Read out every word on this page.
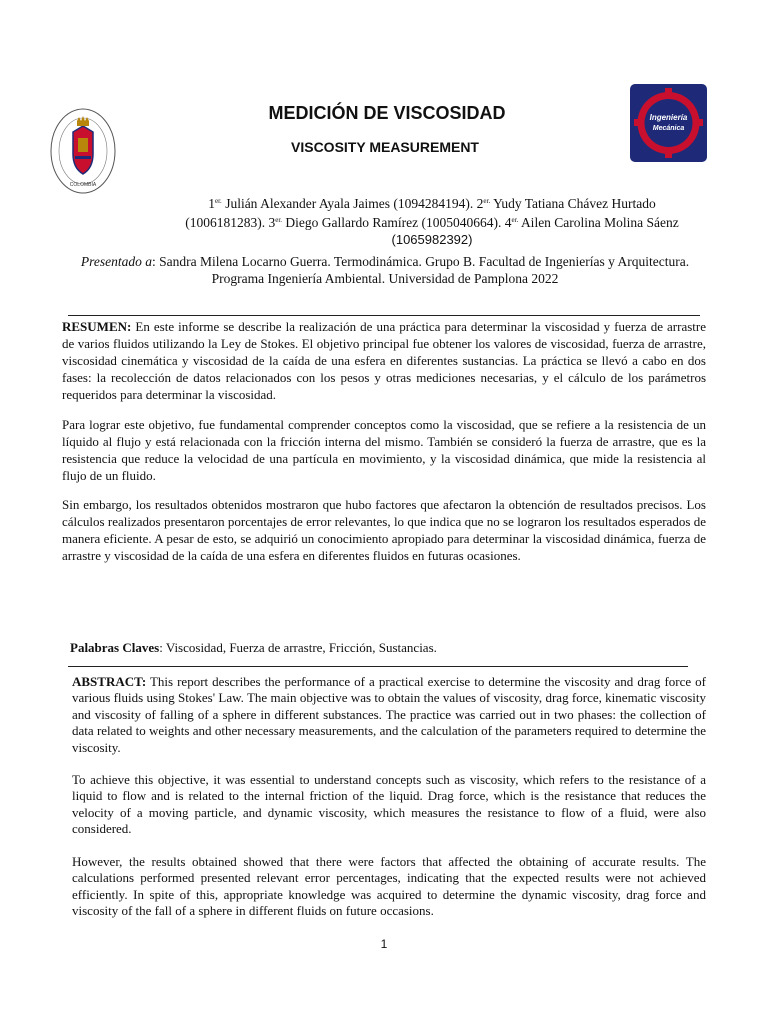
COLOMBIA
Ingeniería
Mecánica
MEDICIÓN DE VISCOSIDAD
VISCOSITY MEASUREMENT
$1^{er.}$ Julián Alexander Ayala Jaimes (1094284194). $2^{er.}$ Yudy Tatiana Chávez Hurtado
(1006181283). $3^{er.}$ Diego Gallardo Ramírez (1005040664). $4^{er.}$ Ailen Carolina Molina Sáenz
(1065982392)
Presentado a: Sandra Milena Locarno Guerra. Termodinámica. Grupo B. Facultad de Ingenierías y Arquitectura.
Programa Ingeniería Ambiental. Universidad de Pamplona 2022

RESUMEN: En este informe se describe la realización de una práctica para determinar la viscosidad y fuerza de arrastre de varios fluidos utilizando la Ley de Stokes. El objetivo principal fue obtener los valores de viscosidad, fuerza de arrastre, viscosidad cinemática y viscosidad de la caída de una esfera en diferentes sustancias. La práctica se llevó a cabo en dos fases: la recolección de datos relacionados con los pesos y otras mediciones necesarias, y el cálculo de los parámetros requeridos para determinar la viscosidad.

Para lograr este objetivo, fue fundamental comprender conceptos como la viscosidad, que se refiere a la resistencia de un líquido al flujo y está relacionada con la fricción interna del mismo. También se consideró la fuerza de arrastre, que es la resistencia que reduce la velocidad de una partícula en movimiento, y la viscosidad dinámica, que mide la resistencia al flujo de un fluido.

Sin embargo, los resultados obtenidos mostraron que hubo factores que afectaron la obtención de resultados precisos. Los cálculos realizados presentaron porcentajes de error relevantes, lo que indica que no se lograron los resultados esperados de manera eficiente. A pesar de esto, se adquirió un conocimiento apropiado para determinar la viscosidad dinámica, fuerza de arrastre y viscosidad de la caída de una esfera en diferentes fluidos en futuras ocasiones.

Palabras Claves: Viscosidad, Fuerza de arrastre, Fricción, Sustancias.

ABSTRACT: This report describes the performance of a practical exercise to determine the viscosity and drag force of various fluids using Stokes' Law. The main objective was to obtain the values of viscosity, drag force, kinematic viscosity and viscosity of falling of a sphere in different substances. The practice was carried out in two phases: the collection of data related to weights and other necessary measurements, and the calculation of the parameters required to determine the viscosity.

To achieve this objective, it was essential to understand concepts such as viscosity, which refers to the resistance of a liquid to flow and is related to the internal friction of the liquid. Drag force, which is the resistance that reduces the velocity of a moving particle, and dynamic viscosity, which measures the resistance to flow of a fluid, were also considered.

However, the results obtained showed that there were factors that affected the obtaining of accurate results. The calculations performed presented relevant error percentages, indicating that the expected results were not achieved efficiently. In spite of this, appropriate knowledge was acquired to determine the dynamic viscosity, drag force and viscosity of the fall of a sphere in different fluids on future occasions.

1
